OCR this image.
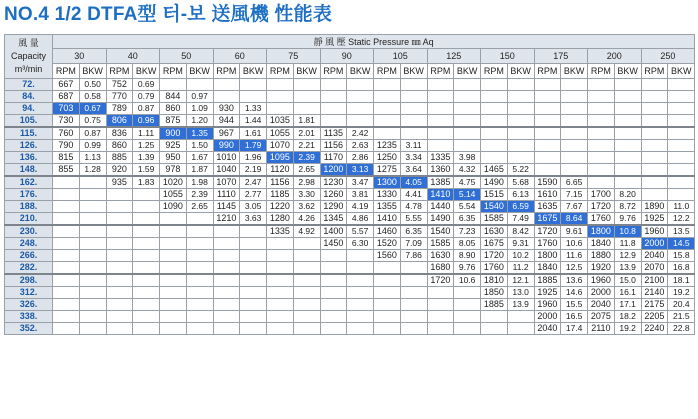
NO.4 1/2 DTFA型 터-보 送風機 性能表
風 量
Capacity
m³/min	靜 風 壓 Static Pressure ㎜ Aq																							
	30		40		50		60		75		90		105		125		150		175		200		250	
	RPM	BKW	RPM	BKW	RPM	BKW	RPM	BKW	RPM	BKW	RPM	BKW	RPM	BKW	RPM	BKW	RPM	BKW	RPM	BKW	RPM	BKW	RPM	BKW
72.	667	0.50	752	0.69																				
84.	687	0.58	770	0.79	844	0.97																		
94.	703	0.67	789	0.87	860	1.09	930	1.33																
105.	730	0.75	806	0.96	875	1.20	944	1.44	1035	1.81														
115.	760	0.87	836	1.11	900	1.35	967	1.61	1055	2.01	1135	2.42												
126.	790	0.99	860	1.25	925	1.50	990	1.79	1070	2.21	1156	2.63	1235	3.11										
136.	815	1.13	885	1.39	950	1.67	1010	1.96	1095	2.39	1170	2.86	1250	3.34	1335	3.98								
148.	855	1.28	920	1.59	978	1.87	1040	2.19	1120	2.65	1200	3.13	1275	3.64	1360	4.32	1465	5.22						
162.			935	1.83	1020	1.98	1070	2.47	1156	2.98	1230	3.47	1300	4.05	1385	4.75	1490	5.68	1590	6.65				
176.					1055	2.39	1110	2.77	1185	3.30	1260	3.81	1330	4.41	1410	5.14	1515	6.13	1610	7.15	1700	8.20		
188.					1090	2.65	1145	3.05	1220	3.62	1290	4.19	1355	4.78	1440	5.54	1540	6.59	1635	7.67	1720	8.72	1890	11.0
210.							1210	3.63	1280	4.26	1345	4.86	1410	5.55	1490	6.35	1585	7.49	1675	8.64	1760	9.76	1925	12.2
230.									1335	4.92	1400	5.57	1460	6.35	1540	7.23	1630	8.42	1720	9.61	1800	10.8	1960	13.5
248.											1450	6.30	1520	7.09	1585	8.05	1675	9.31	1760	10.6	1840	11.8	2000	14.5
266.													1560	7.86	1630	8.90	1720	10.2	1800	11.6	1880	12.9	2040	15.8
282.															1680	9.76	1760	11.2	1840	12.5	1920	13.9	2070	16.8
298.															1720	10.6	1810	12.1	1885	13.6	1960	15.0	2100	18.1
312.																	1850	13.0	1925	14.6	2000	16.1	2140	19.2
326.																	1885	13.9	1960	15.5	2040	17.1	2175	20.4
338.																			2000	16.5	2075	18.2	2205	21.5
352.																			2040	17.4	2110	19.2	2240	22.8
